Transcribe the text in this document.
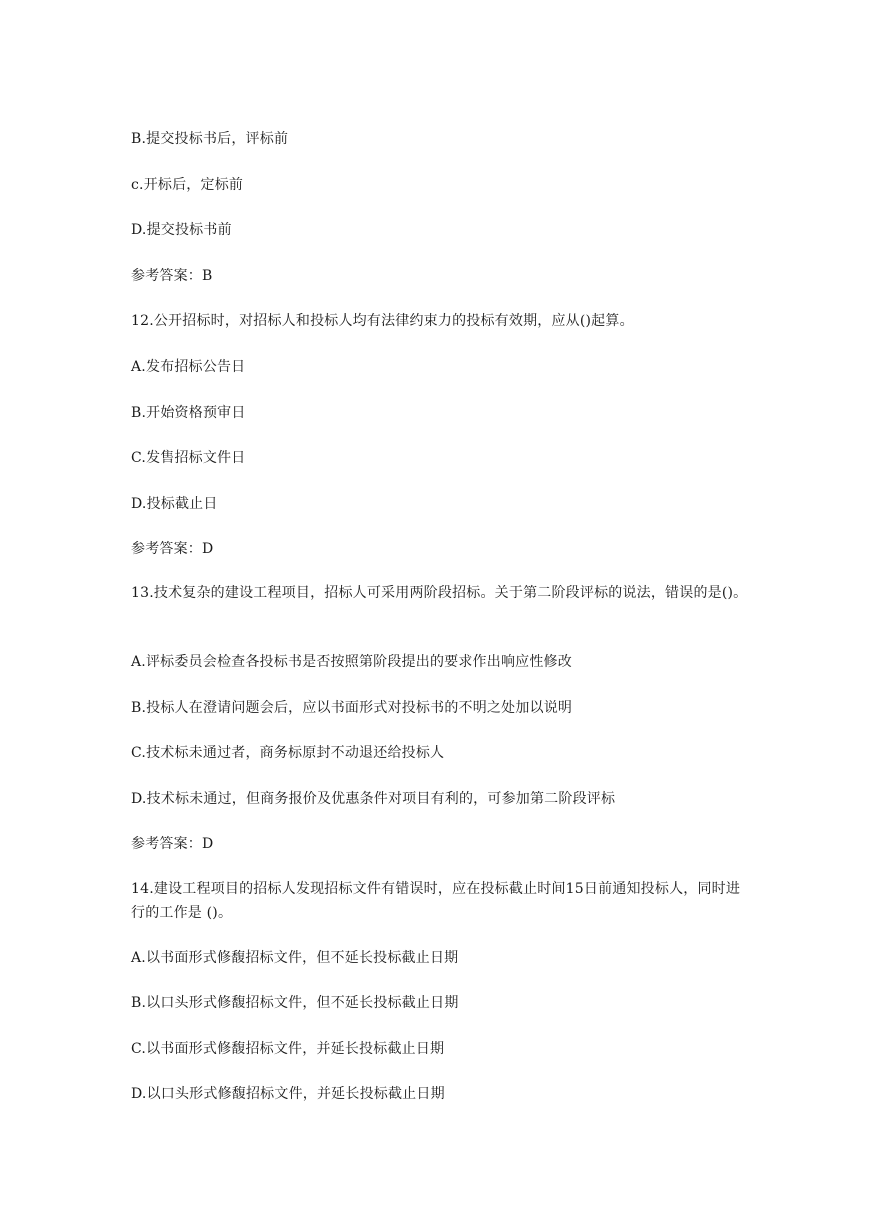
B.提交投标书后，评标前
c.开标后，定标前
D.提交投标书前
参考答案：B
12.公开招标时，对招标人和投标人均有法律约束力的投标有效期，应从()起算。
A.发布招标公告日
B.开始资格预审日
C.发售招标文件日
D.投标截止日
参考答案：D
13.技术复杂的建设工程项目，招标人可采用两阶段招标。关于第二阶段评标的说法，错误的是()。
A.评标委员会检查各投标书是否按照第阶段提出的要求作出响应性修改
B.投标人在澄请问题会后，应以书面形式对投标书的不明之处加以说明
C.技术标未通过者，商务标原封不动退还给投标人
D.技术标未通过，但商务报价及优惠条件对项目有利的，可参加第二阶段评标
参考答案：D
14.建设工程项目的招标人发现招标文件有错误时，应在投标截止时间15日前通知投标人，同时进行的工作是 ()。
A.以书面形式修馥招标文件，但不延长投标截止日期
B.以口头形式修馥招标文件，但不延长投标截止日期
C.以书面形式修馥招标文件，并延长投标截止日期
D.以口头形式修馥招标文件，并延长投标截止日期
